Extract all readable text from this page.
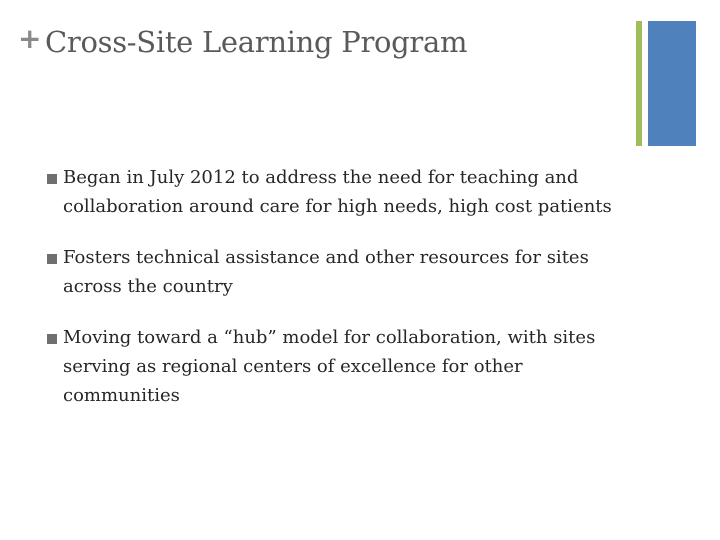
+ Cross-Site Learning Program
Began in July 2012 to address the need for teaching and collaboration around care for high needs, high cost patients
Fosters technical assistance and other resources for sites across the country
Moving toward a “hub” model for collaboration, with sites serving as regional centers of excellence for other communities
